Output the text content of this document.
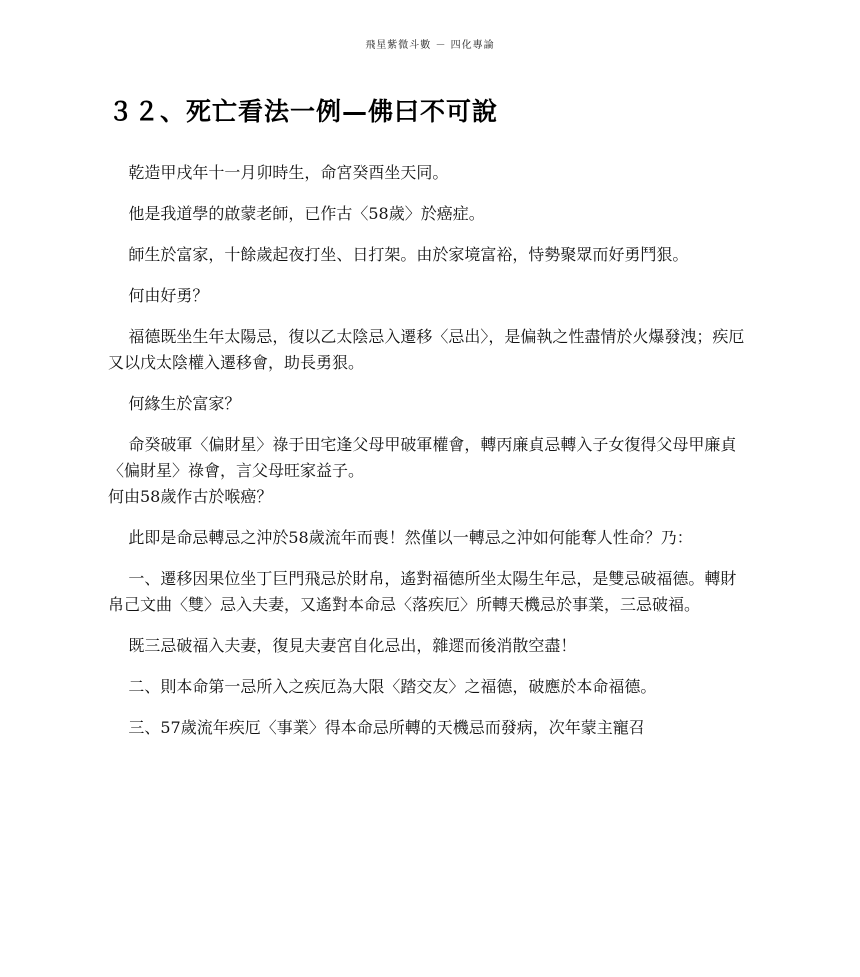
飛星紫微斗數 － 四化專論
３２、死亡看法一例—佛曰不可說

乾造甲戌年十一月卯時生，命宮癸酉坐天同。

他是我道學的啟蒙老師，已作古〈58歲〉於癌症。

師生於富家，十餘歲起夜打坐、日打架。由於家境富裕，恃勢聚眾而好勇鬥狠。

何由好勇？

福德既坐生年太陽忌，復以乙太陰忌入遷移〈忌出〉，是偏執之性盡情於火爆發洩；疾厄又以戊太陰權入遷移會，助長勇狠。

何緣生於富家？

命癸破軍〈偏財星〉祿于田宅逢父母甲破軍權會，轉丙廉貞忌轉入子女復得父母甲廉貞〈偏財星〉祿會，言父母旺家益子。

何由58歲作古於喉癌？

此即是命忌轉忌之沖於58歲流年而喪！然僅以一轉忌之沖如何能奪人性命？乃：

一、遷移因果位坐丁巨門飛忌於財帛，遙對福德所坐太陽生年忌，是雙忌破福德。轉財帛己文曲〈雙〉忌入夫妻，又遙對本命忌〈落疾厄〉所轉天機忌於事業，三忌破福。

既三忌破福入夫妻，復見夫妻宮自化忌出，雜遝而後消散空盡！

二、則本命第一忌所入之疾厄為大限〈踏交友〉之福德，破應於本命福德。

三、57歲流年疾厄〈事業〉得本命忌所轉的天機忌而發病，次年蒙主寵召
